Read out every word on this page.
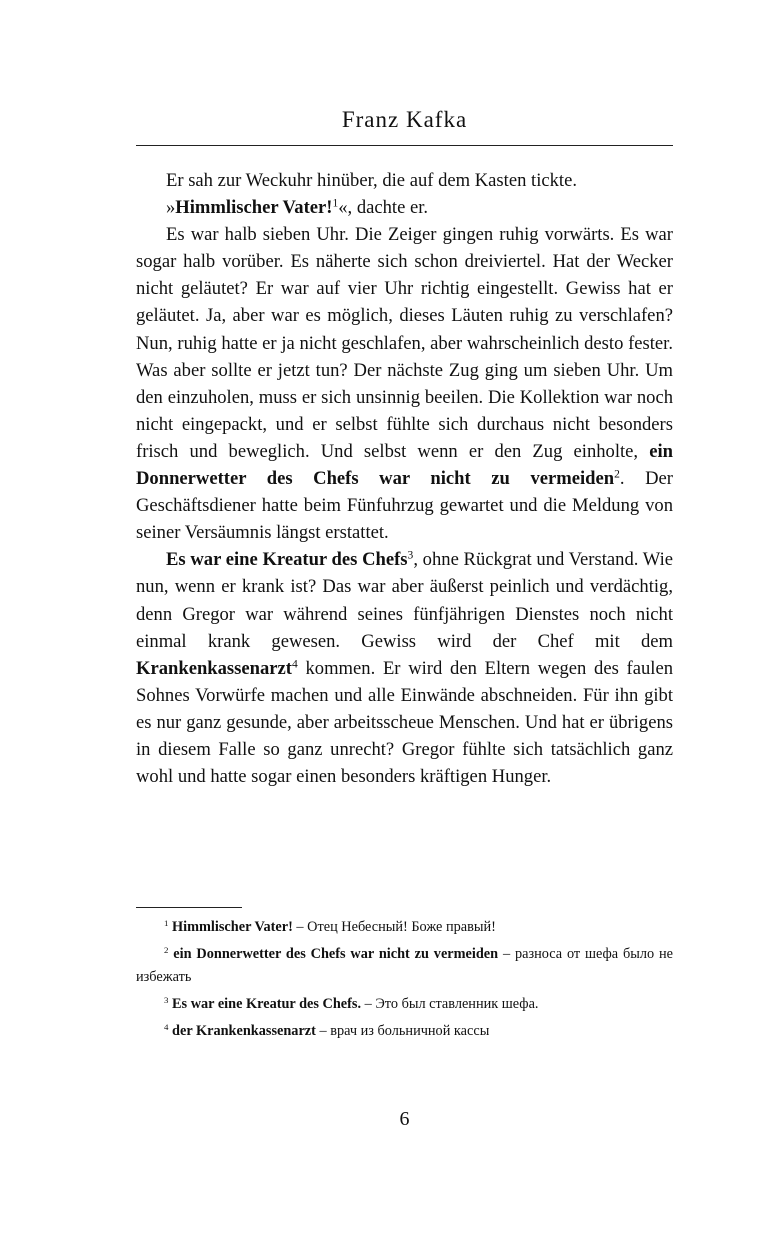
Franz Kafka

Er sah zur Weckuhr hinüber, die auf dem Kasten tickte.

»Himmlischer Vater!$^1$«, dachte er.

Es war halb sieben Uhr. Die Zeiger gingen ruhig vorwärts. Es war sogar halb vorüber. Es näherte sich schon dreiviertel. Hat der Wecker nicht geläutet? Er war auf vier Uhr richtig eingestellt. Gewiss hat er geläutet. Ja, aber war es möglich, dieses Läuten ruhig zu verschlafen? Nun, ruhig hatte er ja nicht geschlafen, aber wahrscheinlich desto fester. Was aber sollte er jetzt tun? Der nächste Zug ging um sieben Uhr. Um den einzuholen, muss er sich unsinnig beeilen. Die Kollektion war noch nicht eingepackt, und er selbst fühlte sich durchaus nicht besonders frisch und beweglich. Und selbst wenn er den Zug einholte, ein Donnerwetter des Chefs war nicht zu vermeiden$^2$. Der Geschäftsdiener hatte beim Fünfuhrzug gewartet und die Meldung von seiner Versäumnis längst erstattet.

Es war eine Kreatur des Chefs$^3$, ohne Rückgrat und Verstand. Wie nun, wenn er krank ist? Das war aber äußerst peinlich und verdächtig, denn Gregor war während seines fünfjährigen Dienstes noch nicht einmal krank gewesen. Gewiss wird der Chef mit dem Krankenkassenarzt$^4$ kommen. Er wird den Eltern wegen des faulen Sohnes Vorwürfe machen und alle Einwände abschneiden. Für ihn gibt es nur ganz gesunde, aber arbeitsscheue Menschen. Und hat er übrigens in diesem Falle so ganz unrecht? Gregor fühlte sich tatsächlich ganz wohl und hatte sogar einen besonders kräftigen Hunger.

$^1$ Himmlischer Vater! – Отец Небесный! Боже правый!

$^2$ ein Donnerwetter des Chefs war nicht zu vermeiden – разноса от шефа было не избежать

$^3$ Es war eine Kreatur des Chefs. – Это был ставленник шефа.

$^4$ der Krankenkassenarzt – врач из больничной кассы

6
